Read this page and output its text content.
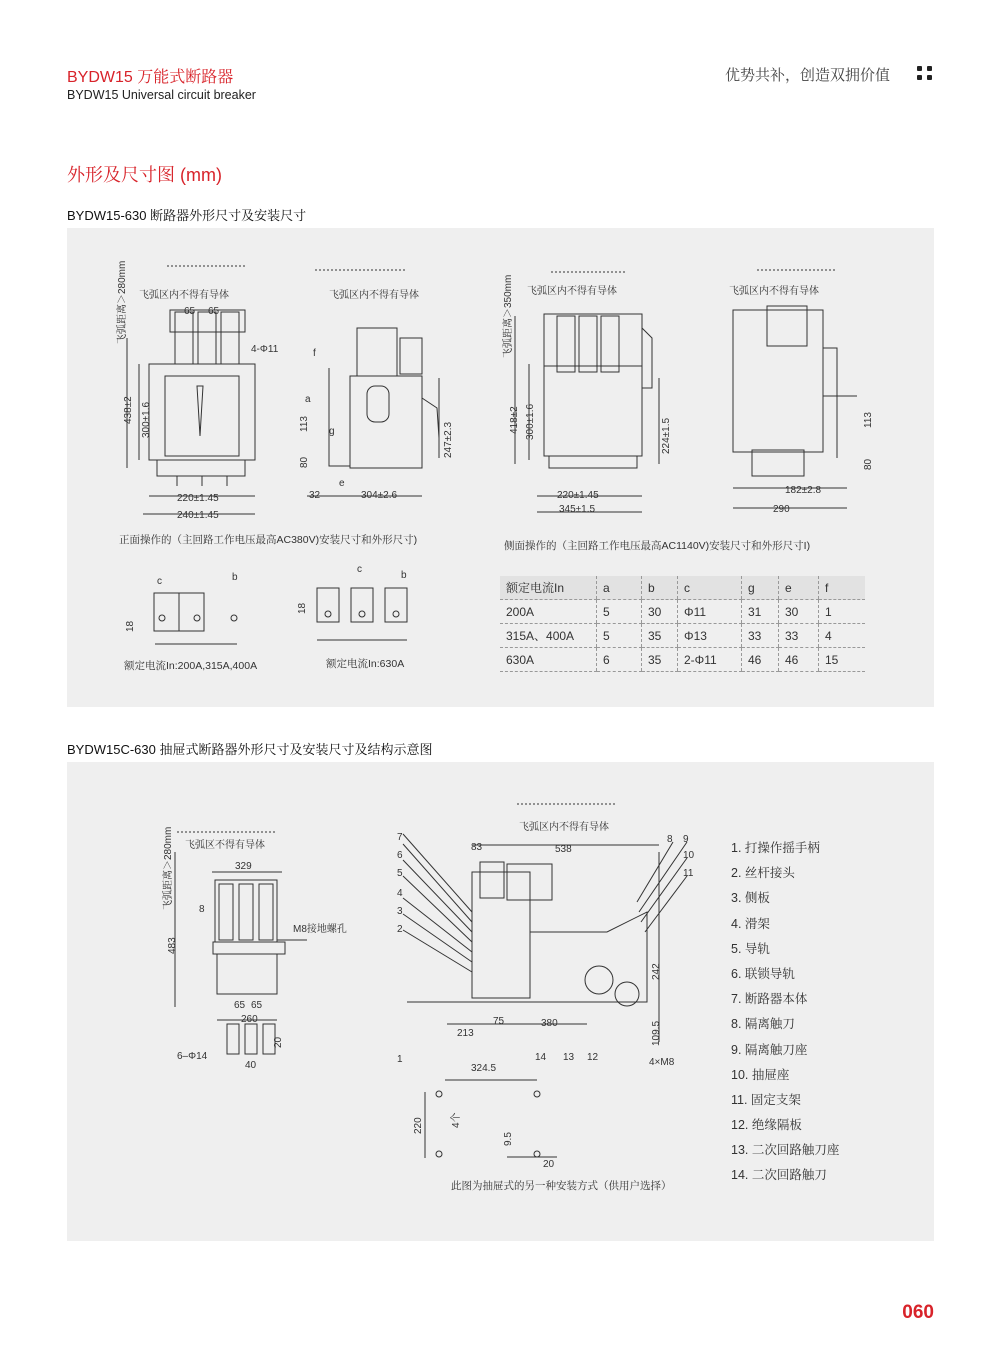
BYDW15 万能式断路器
BYDW15 Universal circuit breaker
优势共补，创造双拥价值
外形及尺寸图 (mm)
BYDW15-630 断路器外形尺寸及安装尺寸
飞弧区内不得有导体	飞弧区内不得有导体	飞弧区内不得有导体	飞弧区内不得有导体
飞弧距离＞280mm	飞弧距离＞350mm
4-Φ11
65 65
438±2 300±1.6
220±1.45
240±1.45
f
a
113 g
80
e
32	304±2.6
247±2.3
418±2 300±1.6
220±1.45
345±1.5
224±1.5
182±2.8
290
113
80
c	b
18
c
b
18
正面操作的（主回路工作电压最高AC380V)安装尺寸和外形尺寸)	侧面操作的（主回路工作电压最高AC1140V)安装尺寸和外形尺寸I)
额定电流In:200A,315A,400A	额定电流In:630A
额定电流In	a	b	c	g	e	f
200A	5	30	Φ11	31	30	1
315A、400A	5	35	Φ13	33	33	4
630A	6	35	2-Φ11	46	46	15
BYDW15C-630 抽屉式断路器外形尺寸及安装尺寸及结构示意图
飞弧区不得有导体
飞弧区内不得有导体
飞弧距离＞280mm	329
8
483
M8接地螺孔
65 65
260
40
20
6–Φ14
83	538
242
213
75	380	109.5
4×M8
324.5
220	4个
9.5
20
7
6
5
4
3
2
1
8 9
10
11
14 13 12
此图为抽屉式的另一种安装方式（供用户选择）
1. 打操作摇手柄
2. 丝杆接头
3. 侧板
4. 滑架
5. 导轨
6. 联锁导轨
7. 断路器本体
8. 隔离触刀
9. 隔离触刀座
10. 抽屉座
11. 固定支架
12. 绝缘隔板
13. 二次回路触刀座
14. 二次回路触刀
060
